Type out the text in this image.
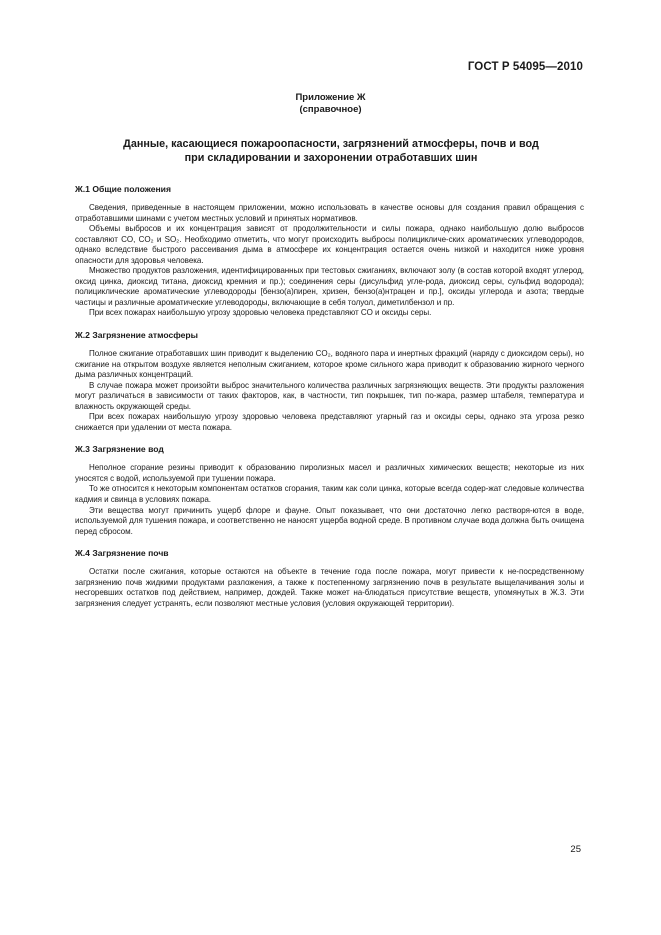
ГОСТ Р 54095—2010
Приложение Ж
(справочное)
Данные, касающиеся пожароопасности, загрязнений атмосферы, почв и вод
при складировании и захоронении отработавших шин
Ж.1 Общие положения

Сведения, приведенные в настоящем приложении, можно использовать в качестве основы для создания правил обращения с отработавшими шинами с учетом местных условий и принятых нормативов.

Объемы выбросов и их концентрация зависят от продолжительности и силы пожара, однако наибольшую долю выбросов составляют CO, CO₂ и SO₂. Необходимо отметить, что могут происходить выбросы полицикличе-ских ароматических углеводородов, однако вследствие быстрого рассеивания дыма в атмосфере их концентрация остается очень низкой и находится ниже уровня опасности для здоровья человека.

Множество продуктов разложения, идентифицированных при тестовых сжиганиях, включают золу (в состав которой входят углерод, оксид цинка, диоксид титана, диоксид кремния и пр.); соединения серы (дисульфид угле-рода, диоксид серы, сульфид водорода); полициклические ароматические углеводороды [бензо(а)пирен, хризен, бензо(а)нтрацен и пр.], оксиды углерода и азота; твердые частицы и различные ароматические углеводороды, включающие в себя толуол, диметилбензол и пр.

При всех пожарах наибольшую угрозу здоровью человека представляют CO и оксиды серы.

Ж.2 Загрязнение атмосферы

Полное сжигание отработавших шин приводит к выделению CO₂, водяного пара и инертных фракций (наряду с диоксидом серы), но сжигание на открытом воздухе является неполным сжиганием, которое кроме сильного жара приводит к образованию жирного черного дыма различных концентраций.

В случае пожара может произойти выброс значительного количества различных загрязняющих веществ. Эти продукты разложения могут различаться в зависимости от таких факторов, как, в частности, тип покрышек, тип по-жара, размер штабеля, температура и влажность окружающей среды.

При всех пожарах наибольшую угрозу здоровью человека представляют угарный газ и оксиды серы, однако эта угроза резко снижается при удалении от места пожара.

Ж.3 Загрязнение вод

Неполное сгорание резины приводит к образованию пиролизных масел и различных химических веществ; некоторые из них уносятся с водой, используемой при тушении пожара.

То же относится к некоторым компонентам остатков сгорания, таким как соли цинка, которые всегда содер-жат следовые количества кадмия и свинца в условиях пожара.

Эти вещества могут причинить ущерб флоре и фауне. Опыт показывает, что они достаточно легко растворя-ются в воде, используемой для тушения пожара, и соответственно не наносят ущерба водной среде. В противном случае вода должна быть очищена перед сбросом.

Ж.4 Загрязнение почв

Остатки после сжигания, которые остаются на объекте в течение года после пожара, могут привести к не-посредственному загрязнению почв жидкими продуктами разложения, а также к постепенному загрязнению почв в результате выщелачивания золы и несгоревших остатков под действием, например, дождей. Также может на-блюдаться присутствие веществ, упомянутых в Ж.3. Эти загрязнения следует устранять, если позволяют местные условия (условия окружающей территории).

25
